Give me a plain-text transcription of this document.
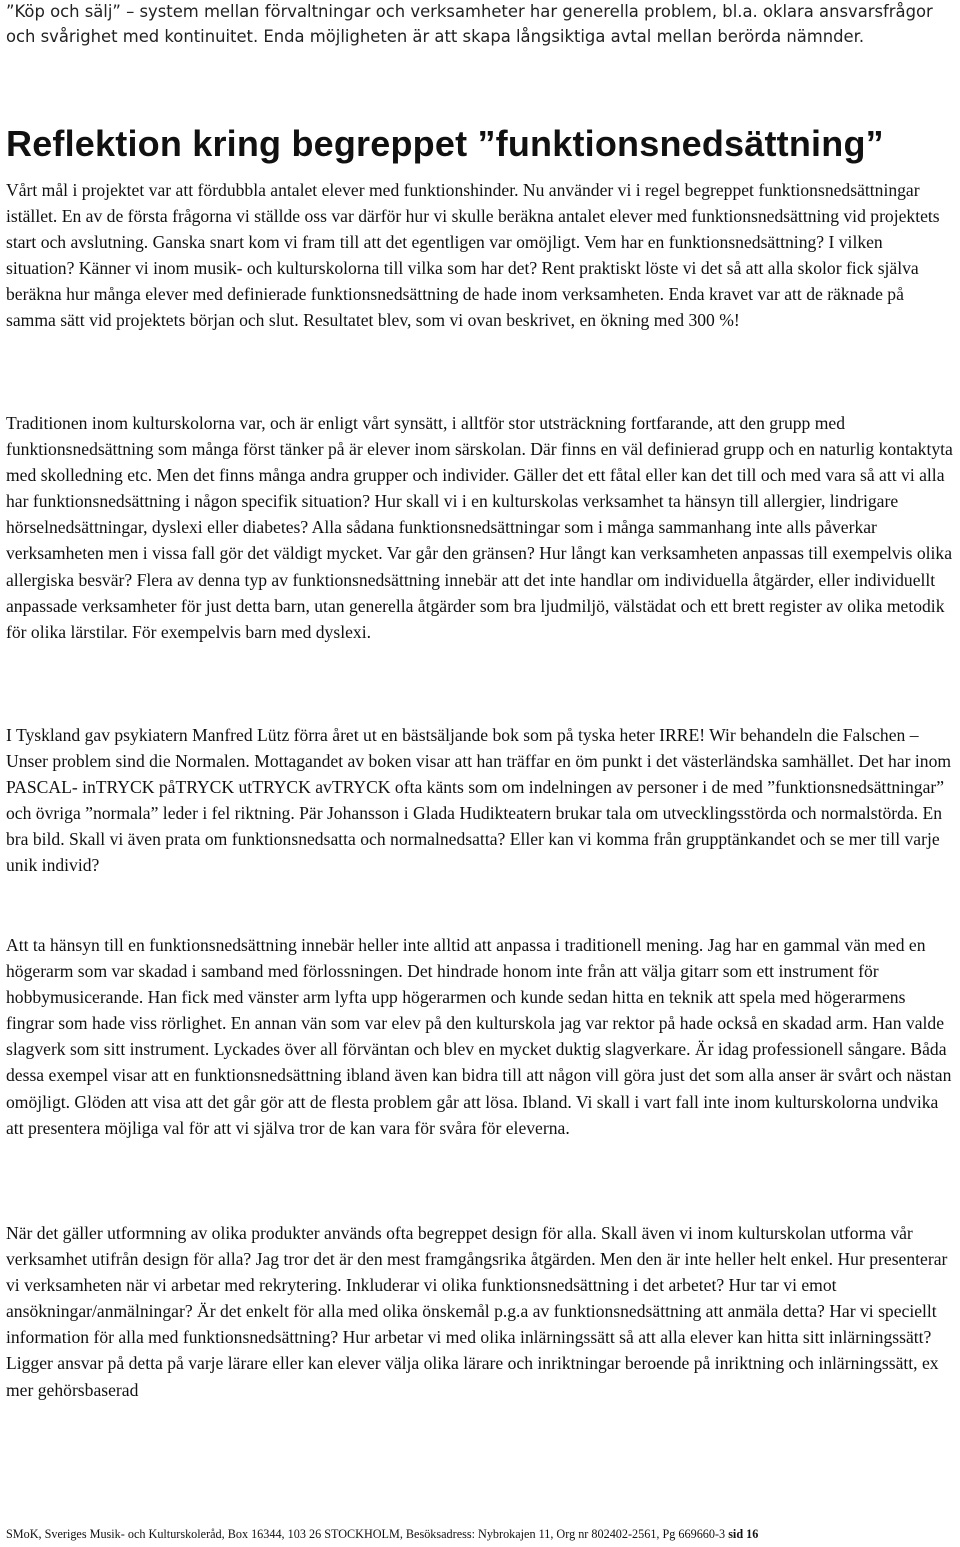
”Köp och sälj” – system mellan förvaltningar och verksamheter har generella problem, bl.a. oklara ansvarsfrågor och svårighet med kontinuitet. Enda möjligheten är att skapa långsiktiga avtal mellan berörda nämnder.

Reflektion kring begreppet ”funktionsnedsättning”

Vårt mål i projektet var att fördubbla antalet elever med funktionshinder. Nu använder vi i regel begreppet funktionsnedsättningar istället. En av de första frågorna vi ställde oss var därför hur vi skulle beräkna antalet elever med funktionsnedsättning vid projektets start och avslutning. Ganska snart kom vi fram till att det egentligen var omöjligt. Vem har en funktionsnedsättning? I vilken situation? Känner vi inom musik- och kulturskolorna till vilka som har det? Rent praktiskt löste vi det så att alla skolor fick själva beräkna hur många elever med definierade funktionsnedsättning de hade inom verksamheten. Enda kravet var att de räknade på samma sätt vid projektets början och slut. Resultatet blev, som vi ovan beskrivet, en ökning med 300 %!

Traditionen inom kulturskolorna var, och är enligt vårt synsätt, i alltför stor utsträckning fortfarande, att den grupp med funktionsnedsättning som många först tänker på är elever inom särskolan. Där finns en väl definierad grupp och en naturlig kontaktyta med skolledning etc. Men det finns många andra grupper och individer. Gäller det ett fåtal eller kan det till och med vara så att vi alla har funktionsnedsättning i någon specifik situation? Hur skall vi i en kulturskolas verksamhet ta hänsyn till allergier, lindrigare hörselnedsättningar, dyslexi eller diabetes? Alla sådana funktionsnedsättningar som i många sammanhang inte alls påverkar verksamheten men i vissa fall gör det väldigt mycket. Var går den gränsen? Hur långt kan verksamheten anpassas till exempelvis olika allergiska besvär? Flera av denna typ av funktionsnedsättning innebär att det inte handlar om individuella åtgärder, eller individuellt anpassade verksamheter för just detta barn, utan generella åtgärder som bra ljudmiljö, välstädat och ett brett register av olika metodik för olika lärstilar. För exempelvis barn med dyslexi.

I Tyskland gav psykiatern Manfred Lütz förra året ut en bästsäljande bok som på tyska heter IRRE! Wir behandeln die Falschen – Unser problem sind die Normalen. Mottagandet av boken visar att han träffar en öm punkt i det västerländska samhället. Det har inom PASCAL- inTRYCK påTRYCK utTRYCK avTRYCK ofta känts som om indelningen av personer i de med ”funktionsnedsättningar” och övriga ”normala” leder i fel riktning. Pär Johansson i Glada Hudikteatern brukar tala om utvecklingsstörda och normalstörda. En bra bild. Skall vi även prata om funktionsnedsatta och normalnedsatta? Eller kan vi komma från grupptänkandet och se mer till varje unik individ?

Att ta hänsyn till en funktionsnedsättning innebär heller inte alltid att anpassa i traditionell mening. Jag har en gammal vän med en högerarm som var skadad i samband med förlossningen. Det hindrade honom inte från att välja gitarr som ett instrument för hobbymusicerande. Han fick med vänster arm lyfta upp högerarmen och kunde sedan hitta en teknik att spela med högerarmens fingrar som hade viss rörlighet. En annan vän som var elev på den kulturskola jag var rektor på hade också en skadad arm. Han valde slagverk som sitt instrument. Lyckades över all förväntan och blev en mycket duktig slagverkare. Är idag professionell sångare. Båda dessa exempel visar att en funktionsnedsättning ibland även kan bidra till att någon vill göra just det som alla anser är svårt och nästan omöjligt. Glöden att visa att det går gör att de flesta problem går att lösa. Ibland. Vi skall i vart fall inte inom kulturskolorna undvika att presentera möjliga val för att vi själva tror de kan vara för svåra för eleverna.

När det gäller utformning av olika produkter används ofta begreppet design för alla. Skall även vi inom kulturskolan utforma vår verksamhet utifrån design för alla? Jag tror det är den mest framgångsrika åtgärden. Men den är inte heller helt enkel. Hur presenterar vi verksamheten när vi arbetar med rekrytering. Inkluderar vi olika funktionsnedsättning i det arbetet? Hur tar vi emot ansökningar/anmälningar? Är det enkelt för alla med olika önskemål p.g.a av funktionsnedsättning att anmäla detta? Har vi speciellt information för alla med funktionsnedsättning? Hur arbetar vi med olika inlärningssätt så att alla elever kan hitta sitt inlärningssätt? Ligger ansvar på detta på varje lärare eller kan elever välja olika lärare och inriktningar beroende på inriktning och inlärningssätt, ex mer gehörsbaserad

SMoK, Sveriges Musik- och Kulturskoleråd, Box 16344, 103 26 STOCKHOLM, Besöksadress: Nybrokajen 11, Org nr 802402-2561, Pg 669660-3 sid 16
